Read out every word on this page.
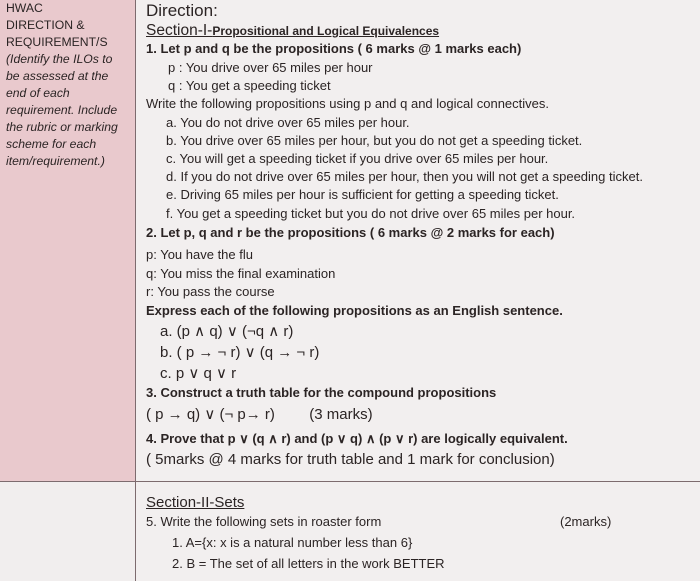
HWAC
DIRECTION &
REQUIREMENT/S
(Identify the ILOs to
be assessed at the
end of each
requirement. Include
the rubric or marking
scheme for each
item/requirement.)
Direction:
Section-I-Propositional and Logical Equivalences
1. Let p and q be the propositions ( 6 marks @ 1 marks each)
p : You drive over 65 miles per hour
q : You get a speeding ticket
Write the following propositions using p and q and logical connectives.
a. You do not drive over 65 miles per hour.
b. You drive over 65 miles per hour, but you do not get a speeding ticket.
c. You will get a speeding ticket if you drive over 65 miles per hour.
d. If you do not drive over 65 miles per hour, then you will not get a speeding ticket.
e. Driving 65 miles per hour is sufficient for getting a speeding ticket.
f. You get a speeding ticket but you do not drive over 65 miles per hour.
2. Let p, q and r be the propositions ( 6 marks @ 2 marks for each)
p: You have the flu
q: You miss the final examination
r: You pass the course
Express each of the following propositions as an English sentence.
a. (p ∧ q) ∨ (¬q ∧ r)
b. ( p → ¬ r) ∨ (q → ¬ r)
c. p ∨ q ∨ r
3. Construct a truth table for the compound propositions
( p → q) ∨ (¬ p→ r) (3 marks)
4. Prove that p ∨ (q ∧ r) and (p ∨ q) ∧ (p ∨ r) are logically equivalent.
( 5marks @ 4 marks for truth table and 1 mark for conclusion)
Section-II-Sets
5. Write the following sets in roaster form	(2marks)
1. A={x: x is a natural number less than 6}
2. B = The set of all letters in the work BETTER
